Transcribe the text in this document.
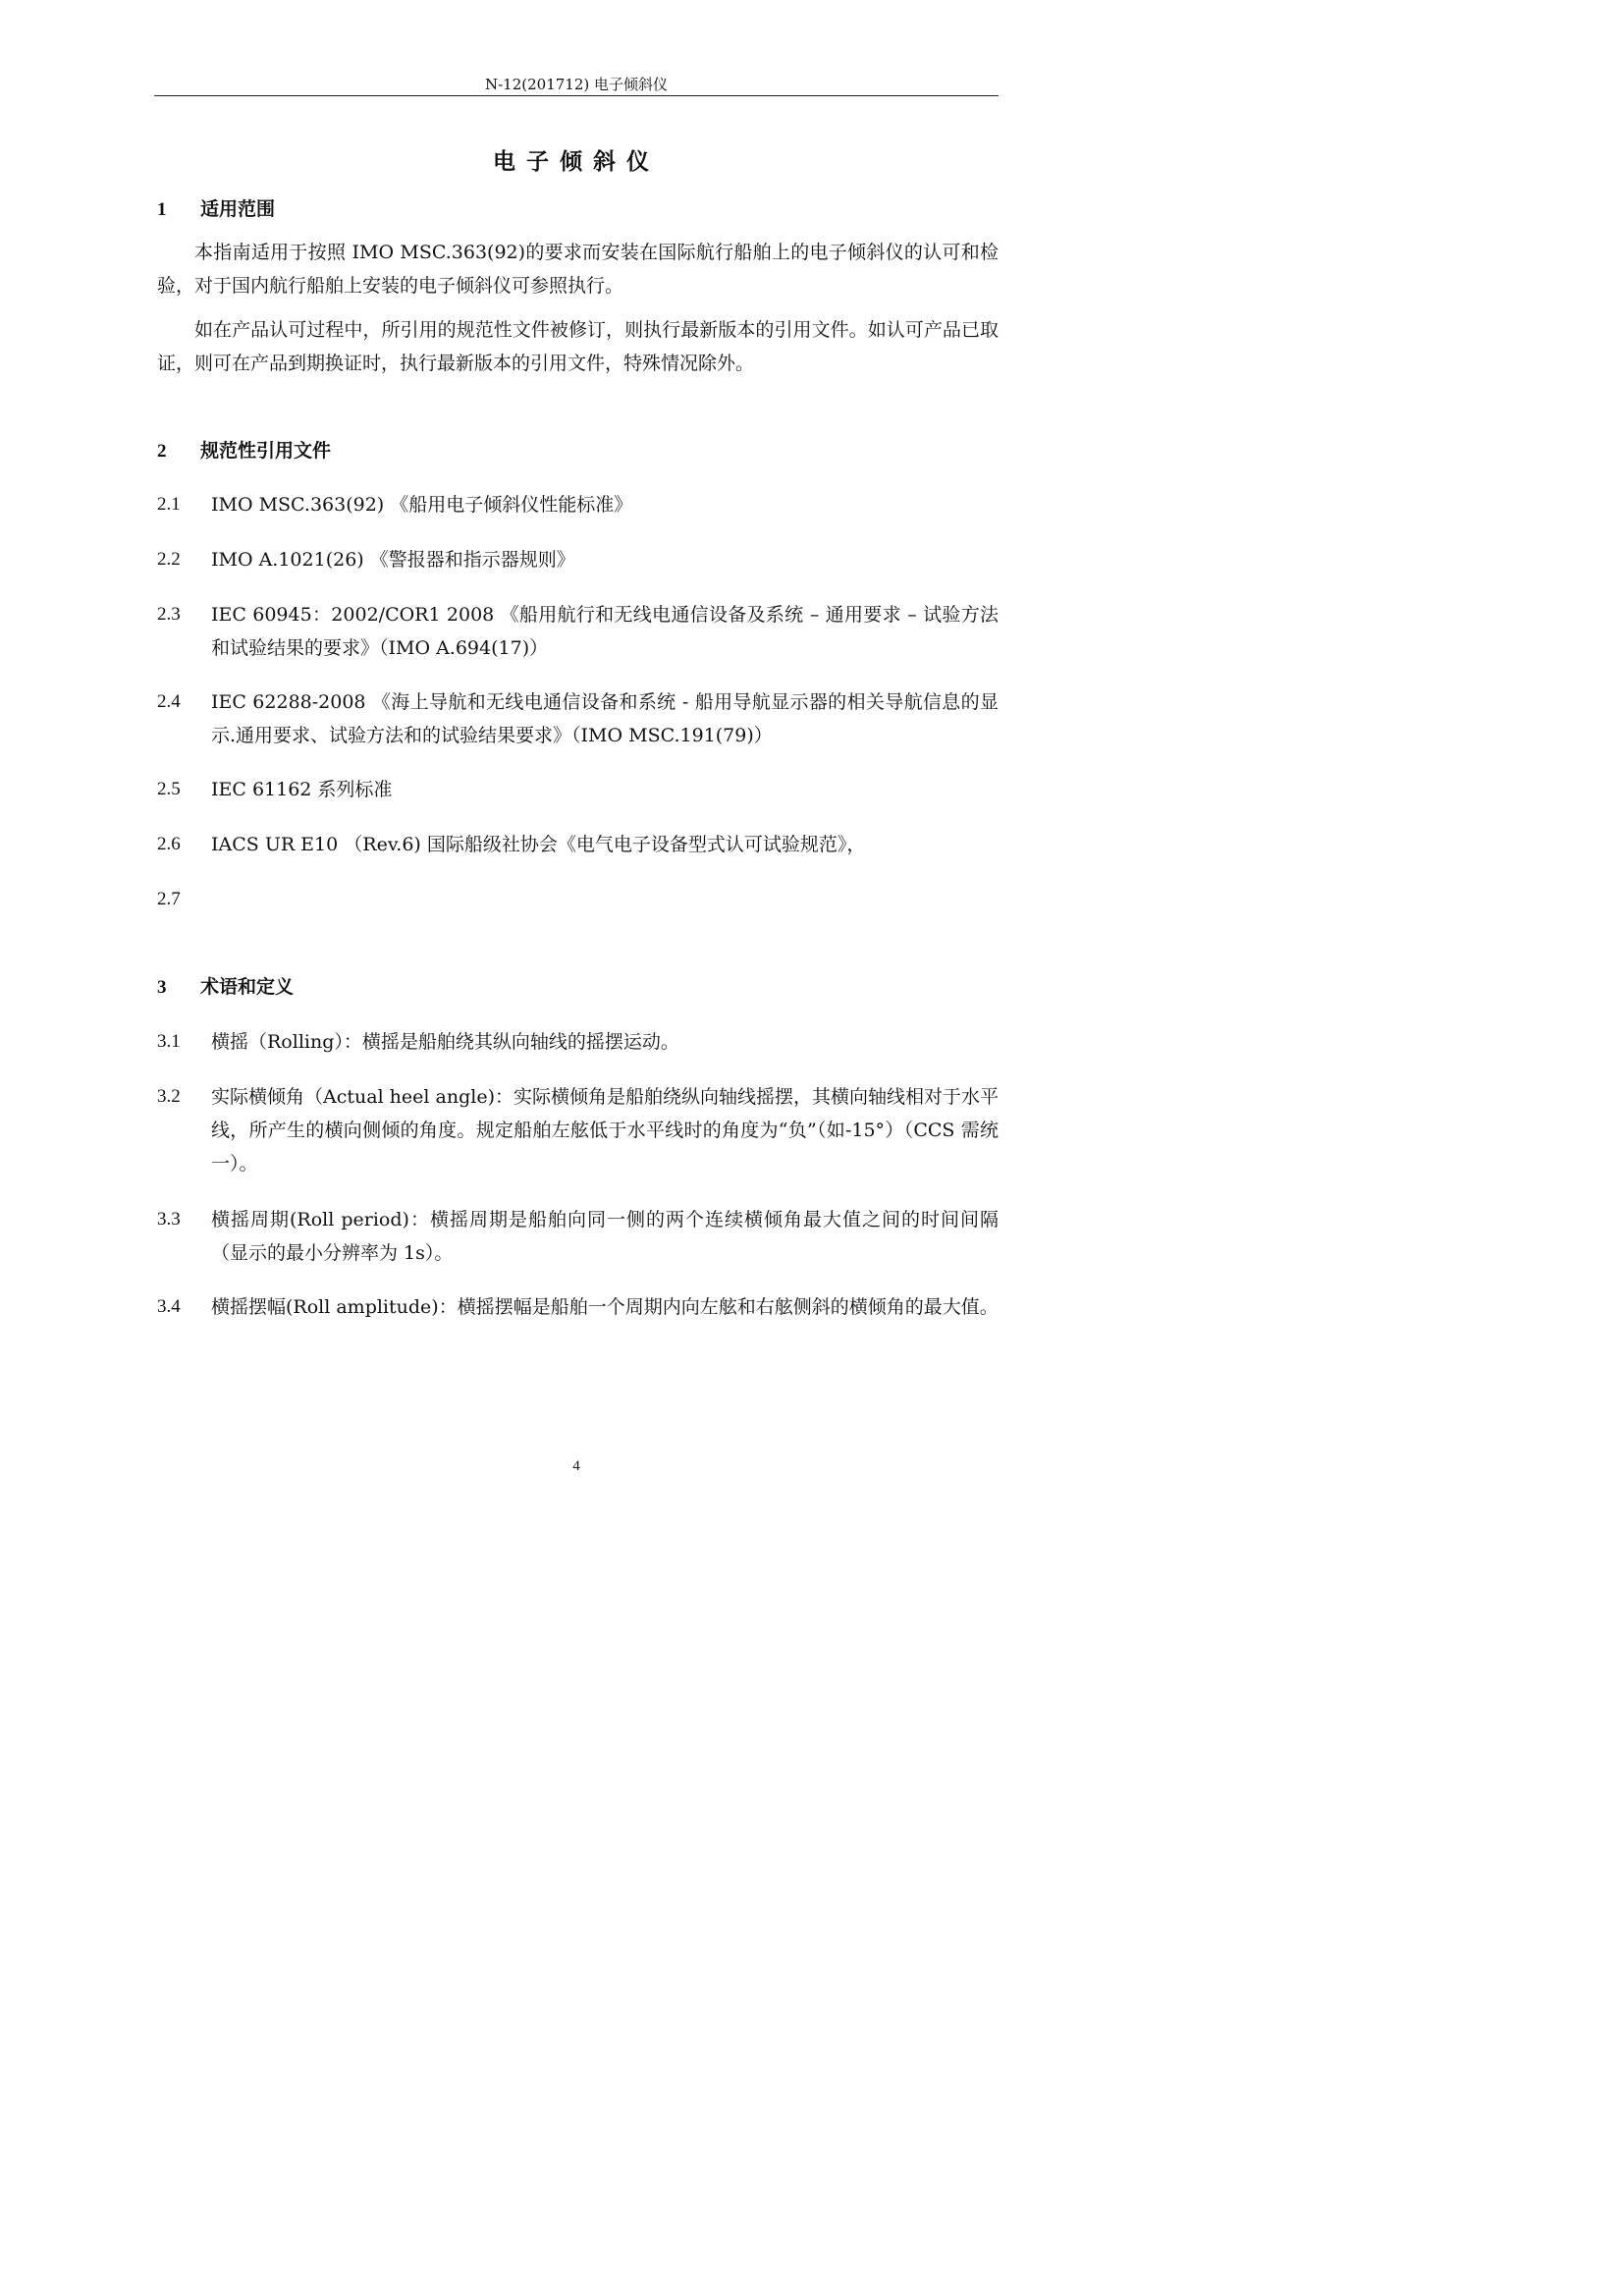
N-12(201712) 电子倾斜仪
电子倾斜仪
1 适用范围

本指南适用于按照 IMO MSC.363(92)的要求而安装在国际航行船舶上的电子倾斜仪的认可和检验，对于国内航行船舶上安装的电子倾斜仪可参照执行。

如在产品认可过程中，所引用的规范性文件被修订，则执行最新版本的引用文件。如认可产品已取证，则可在产品到期换证时，执行最新版本的引用文件，特殊情况除外。

2 规范性引用文件
2.1 IMO MSC.363(92) 《船用电子倾斜仪性能标准》
2.2 IMO A.1021(26) 《警报器和指示器规则》
2.3 IEC 60945：2002/COR1 2008 《船用航行和无线电通信设备及系统 – 通用要求 – 试验方法和试验结果的要求》（IMO A.694(17)）
2.4 IEC 62288-2008 《海上导航和无线电通信设备和系统 - 船用导航显示器的相关导航信息的显示.通用要求、试验方法和的试验结果要求》（IMO MSC.191(79)）
2.5 IEC 61162 系列标准
2.6 IACS UR E10 （Rev.6) 国际船级社协会《电气电子设备型式认可试验规范》，
2.7
3 术语和定义
3.1 横摇（Rolling）：横摇是船舶绕其纵向轴线的摇摆运动。
3.2 实际横倾角（Actual heel angle)：实际横倾角是船舶绕纵向轴线摇摆，其横向轴线相对于水平线，所产生的横向侧倾的角度。规定船舶左舷低于水平线时的角度为“负”（如-15°）（CCS 需统一）。
3.3 横摇周期(Roll period)：横摇周期是船舶向同一侧的两个连续横倾角最大值之间的时间间隔（显示的最小分辨率为 1s）。
3.4 横摇摆幅(Roll amplitude)：横摇摆幅是船舶一个周期内向左舷和右舷侧斜的横倾角的最大值。
4
